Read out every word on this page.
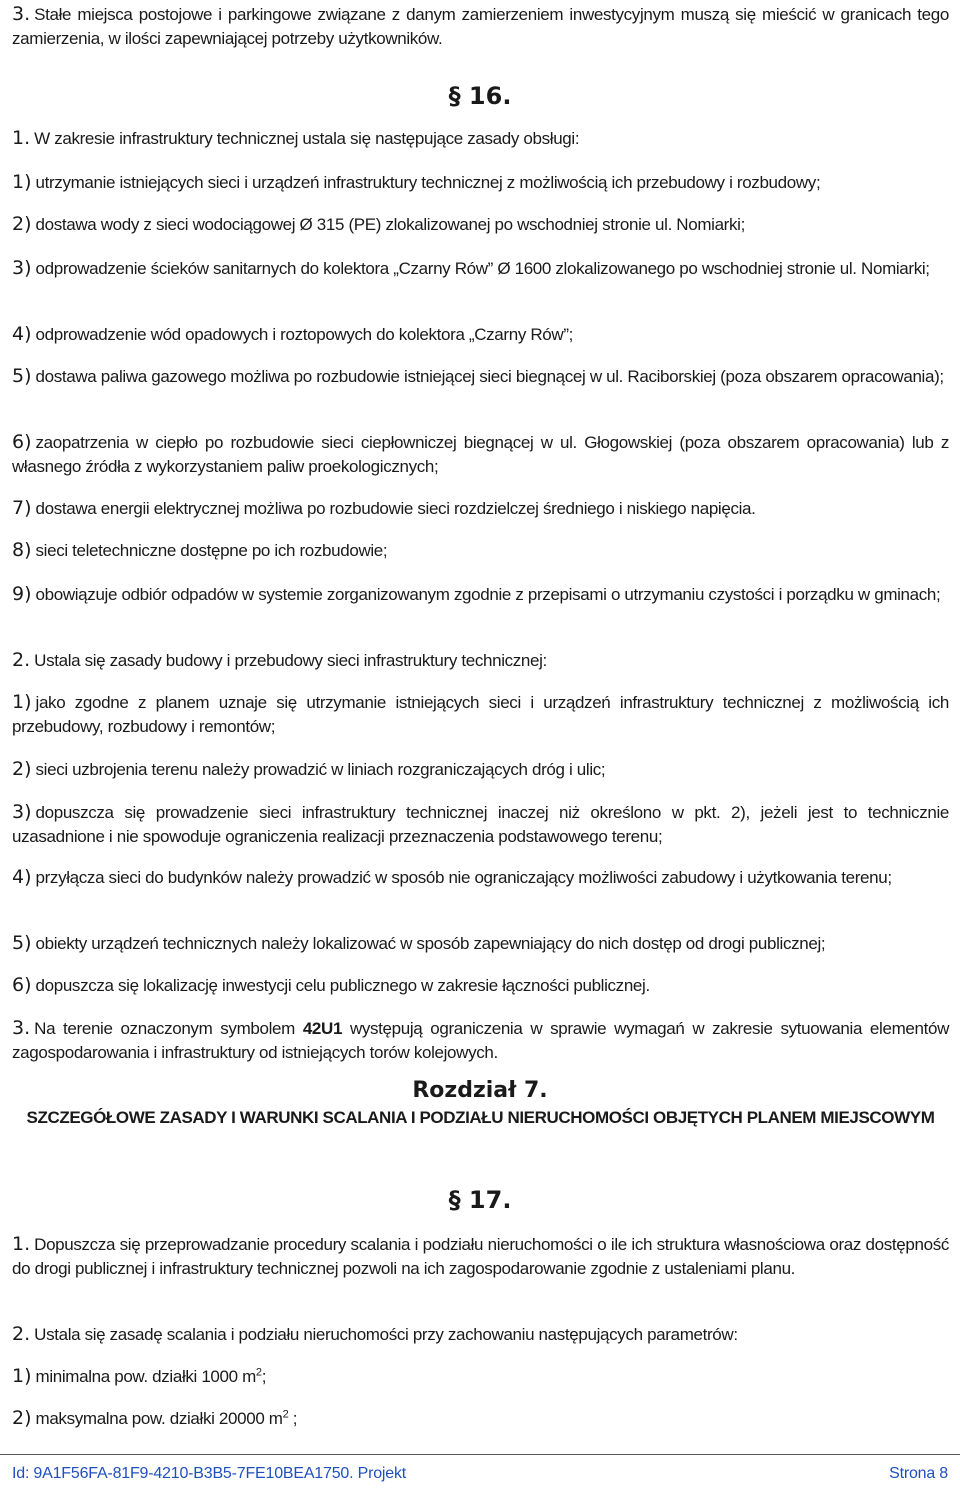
3. Stałe miejsca postojowe i parkingowe związane z danym zamierzeniem inwestycyjnym muszą się mieścić w granicach tego zamierzenia, w ilości zapewniającej potrzeby użytkowników.

§ 16.

1. W zakresie infrastruktury technicznej ustala się następujące zasady obsługi:

1) utrzymanie istniejących sieci i urządzeń infrastruktury technicznej z możliwością ich przebudowy i rozbudowy;

2) dostawa wody z sieci wodociągowej Ø 315 (PE) zlokalizowanej po wschodniej stronie ul. Nomiarki;

3) odprowadzenie ścieków sanitarnych do kolektora „Czarny Rów” Ø 1600 zlokalizowanego po wschodniej stronie ul. Nomiarki;

4) odprowadzenie wód opadowych i roztopowych do kolektora „Czarny Rów”;

5) dostawa paliwa gazowego możliwa po rozbudowie istniejącej sieci biegnącej w ul. Raciborskiej (poza obszarem opracowania);

6) zaopatrzenia w ciepło po rozbudowie sieci ciepłowniczej biegnącej w ul. Głogowskiej (poza obszarem opracowania) lub z własnego źródła z wykorzystaniem paliw proekologicznych;

7) dostawa energii elektrycznej możliwa po rozbudowie sieci rozdzielczej średniego i niskiego napięcia.

8) sieci teletechniczne dostępne po ich rozbudowie;

9) obowiązuje odbiór odpadów w systemie zorganizowanym zgodnie z przepisami o utrzymaniu czystości i porządku w gminach;

2. Ustala się zasady budowy i przebudowy sieci infrastruktury technicznej:

1) jako zgodne z planem uznaje się utrzymanie istniejących sieci i urządzeń infrastruktury technicznej z możliwością ich przebudowy, rozbudowy i remontów;

2) sieci uzbrojenia terenu należy prowadzić w liniach rozgraniczających dróg i ulic;

3) dopuszcza się prowadzenie sieci infrastruktury technicznej inaczej niż określono w pkt. 2), jeżeli jest to technicznie uzasadnione i nie spowoduje ograniczenia realizacji przeznaczenia podstawowego terenu;

4) przyłącza sieci do budynków należy prowadzić w sposób nie ograniczający możliwości zabudowy i użytkowania terenu;

5) obiekty urządzeń technicznych należy lokalizować w sposób zapewniający do nich dostęp od drogi publicznej;

6) dopuszcza się lokalizację inwestycji celu publicznego w zakresie łączności publicznej.

3. Na terenie oznaczonym symbolem 42U1 występują ograniczenia w sprawie wymagań w zakresie sytuowania elementów zagospodarowania i infrastruktury od istniejących torów kolejowych.

Rozdział 7.
SZCZEGÓŁOWE ZASADY I WARUNKI SCALANIA I PODZIAŁU NIERUCHOMOŚCI OBJĘTYCH PLANEM MIEJSCOWYM
§ 17.

1. Dopuszcza się przeprowadzanie procedury scalania i podziału nieruchomości o ile ich struktura własnościowa oraz dostępność do drogi publicznej i infrastruktury technicznej pozwoli na ich zagospodarowanie zgodnie z ustaleniami planu.

2. Ustala się zasadę scalania i podziału nieruchomości przy zachowaniu następujących parametrów:

1) minimalna pow. działki 1000 $m^2$;

2) maksymalna pow. działki 20000 $m^2$ ;

Id: 9A1F56FA-81F9-4210-B3B5-7FE10BEA1750. Projekt	Strona 8
